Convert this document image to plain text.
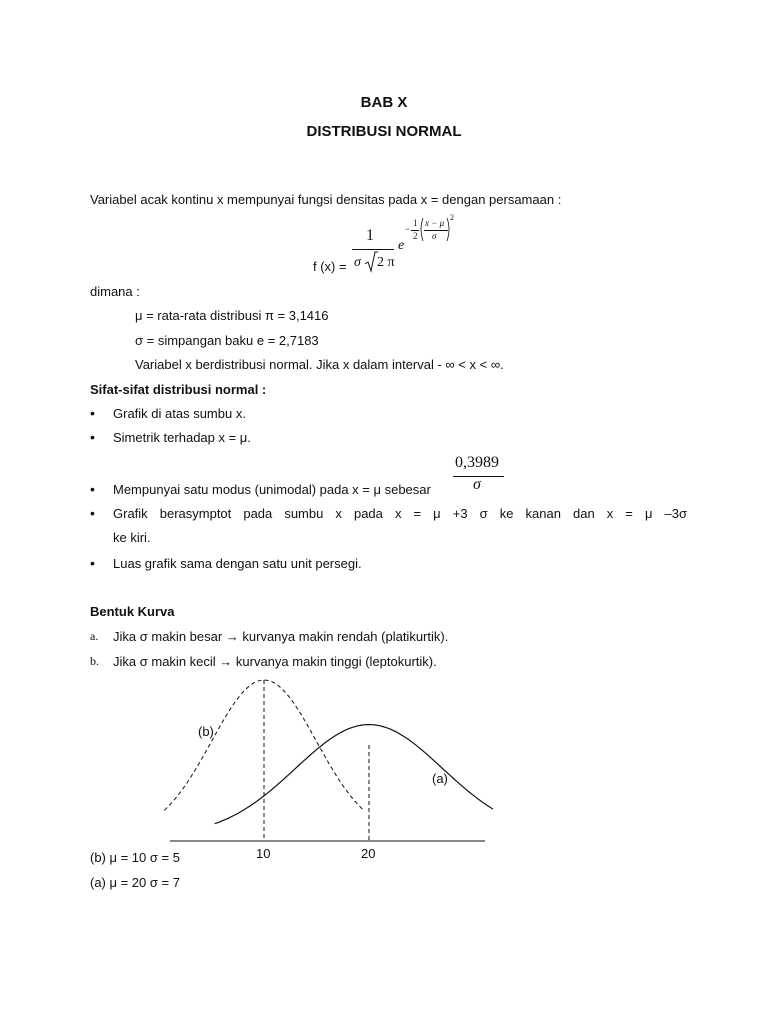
BAB X
DISTRIBUSI NORMAL
Variabel acak kontinu x mempunyai fungsi densitas pada x = dengan persamaan :
f (x) =
1
σ 2 π
e
−
1
2
x − μ
σ
2
dimana :
μ = rata-rata distribusi π = 3,1416
σ = simpangan baku e = 2,7183
Variabel x berdistribusi normal. Jika x dalam interval - ∞ < x < ∞.
Sifat-sifat distribusi normal :
• Grafik di atas sumbu x.
• Simetrik terhadap x = μ.
0,3989
σ
• Mempunyai satu modus (unimodal) pada x = μ sebesar
• Grafik berasymptot pada sumbu x pada x = μ +3 σ ke kanan dan x = μ –3σ
ke kiri.
• Luas grafik sama dengan satu unit persegi.
Bentuk Kurva
a. Jika σ makin besar → kurvanya makin rendah (platikurtik).
b. Jika σ makin kecil → kurvanya makin tinggi (leptokurtik).
(b)
(a)
10	20
(b) μ = 10 σ = 5
(a) μ = 20 σ = 7
